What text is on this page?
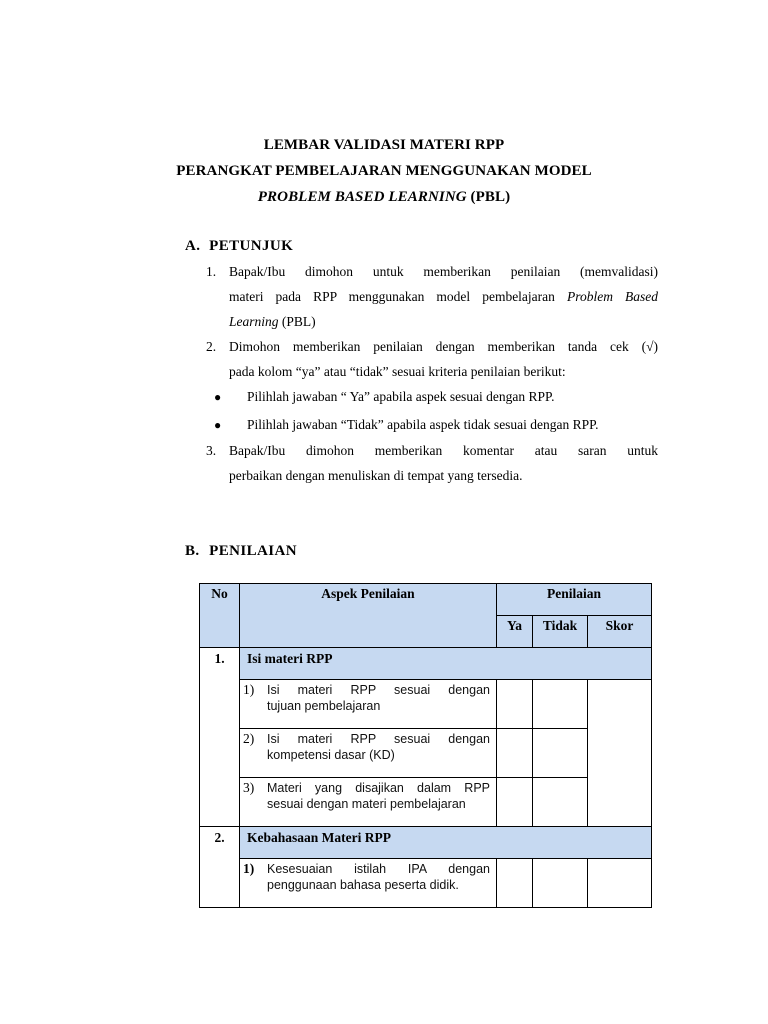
LEMBAR VALIDASI MATERI RPP
PERANGKAT PEMBELAJARAN MENGGUNAKAN MODEL
PROBLEM BASED LEARNING (PBL)
A. PETUNJUK
1. Bapak/Ibu dimohon untuk memberikan penilaian (memvalidasi)
materi pada RPP menggunakan model pembelajaran Problem Based
Learning (PBL)
2. Dimohon memberikan penilaian dengan memberikan tanda cek (√)
pada kolom “ya” atau “tidak” sesuai kriteria penilaian berikut:
● Pilihlah jawaban “ Ya” apabila aspek sesuai dengan RPP.
● Pilihlah jawaban “Tidak” apabila aspek tidak sesuai dengan RPP.
3. Bapak/Ibu dimohon memberikan komentar atau saran untuk
perbaikan dengan menuliskan di tempat yang tersedia.
B. PENILAIAN
No	Aspek Penilaian	Penilaian		
		Ya	Tidak	Skor
1.	Isi materi RPP			

	1) Isi materi RPP sesuai dengan
tujuan pembelajaran			

	2) Isi materi RPP sesuai dengan
kompetensi dasar (KD)			

	3) Materi yang disajikan dalam RPP
sesuai dengan materi pembelajaran			

2.	Kebahasaan Materi RPP			

	1) Kesesuaian istilah IPA dengan
penggunaan bahasa peserta didik.			
